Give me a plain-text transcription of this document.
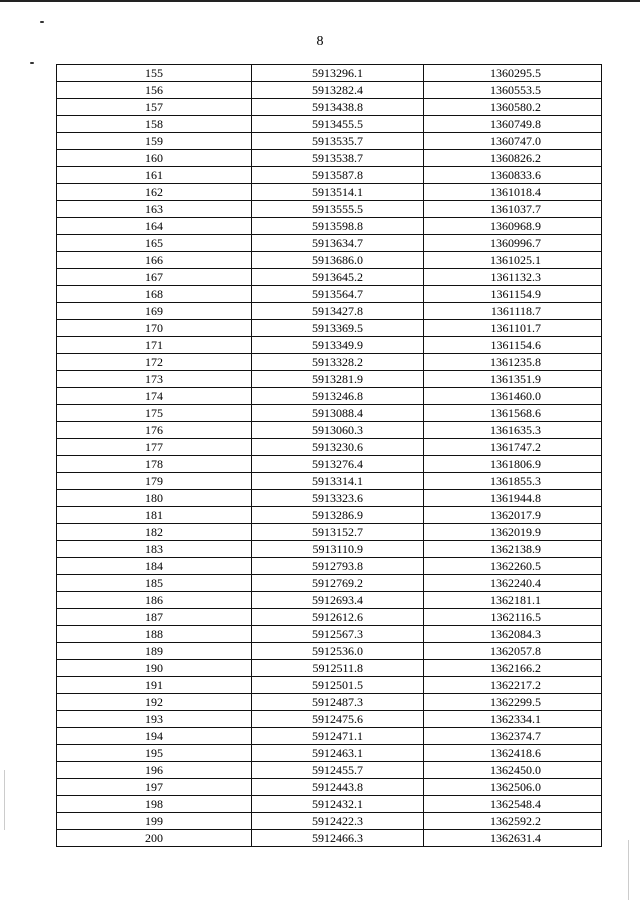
8
155	5913296.1	1360295.5
156	5913282.4	1360553.5
157	5913438.8	1360580.2
158	5913455.5	1360749.8
159	5913535.7	1360747.0
160	5913538.7	1360826.2
161	5913587.8	1360833.6
162	5913514.1	1361018.4
163	5913555.5	1361037.7
164	5913598.8	1360968.9
165	5913634.7	1360996.7
166	5913686.0	1361025.1
167	5913645.2	1361132.3
168	5913564.7	1361154.9
169	5913427.8	1361118.7
170	5913369.5	1361101.7
171	5913349.9	1361154.6
172	5913328.2	1361235.8
173	5913281.9	1361351.9
174	5913246.8	1361460.0
175	5913088.4	1361568.6
176	5913060.3	1361635.3
177	5913230.6	1361747.2
178	5913276.4	1361806.9
179	5913314.1	1361855.3
180	5913323.6	1361944.8
181	5913286.9	1362017.9
182	5913152.7	1362019.9
183	5913110.9	1362138.9
184	5912793.8	1362260.5
185	5912769.2	1362240.4
186	5912693.4	1362181.1
187	5912612.6	1362116.5
188	5912567.3	1362084.3
189	5912536.0	1362057.8
190	5912511.8	1362166.2
191	5912501.5	1362217.2
192	5912487.3	1362299.5
193	5912475.6	1362334.1
194	5912471.1	1362374.7
195	5912463.1	1362418.6
196	5912455.7	1362450.0
197	5912443.8	1362506.0
198	5912432.1	1362548.4
199	5912422.3	1362592.2
200	5912466.3	1362631.4
